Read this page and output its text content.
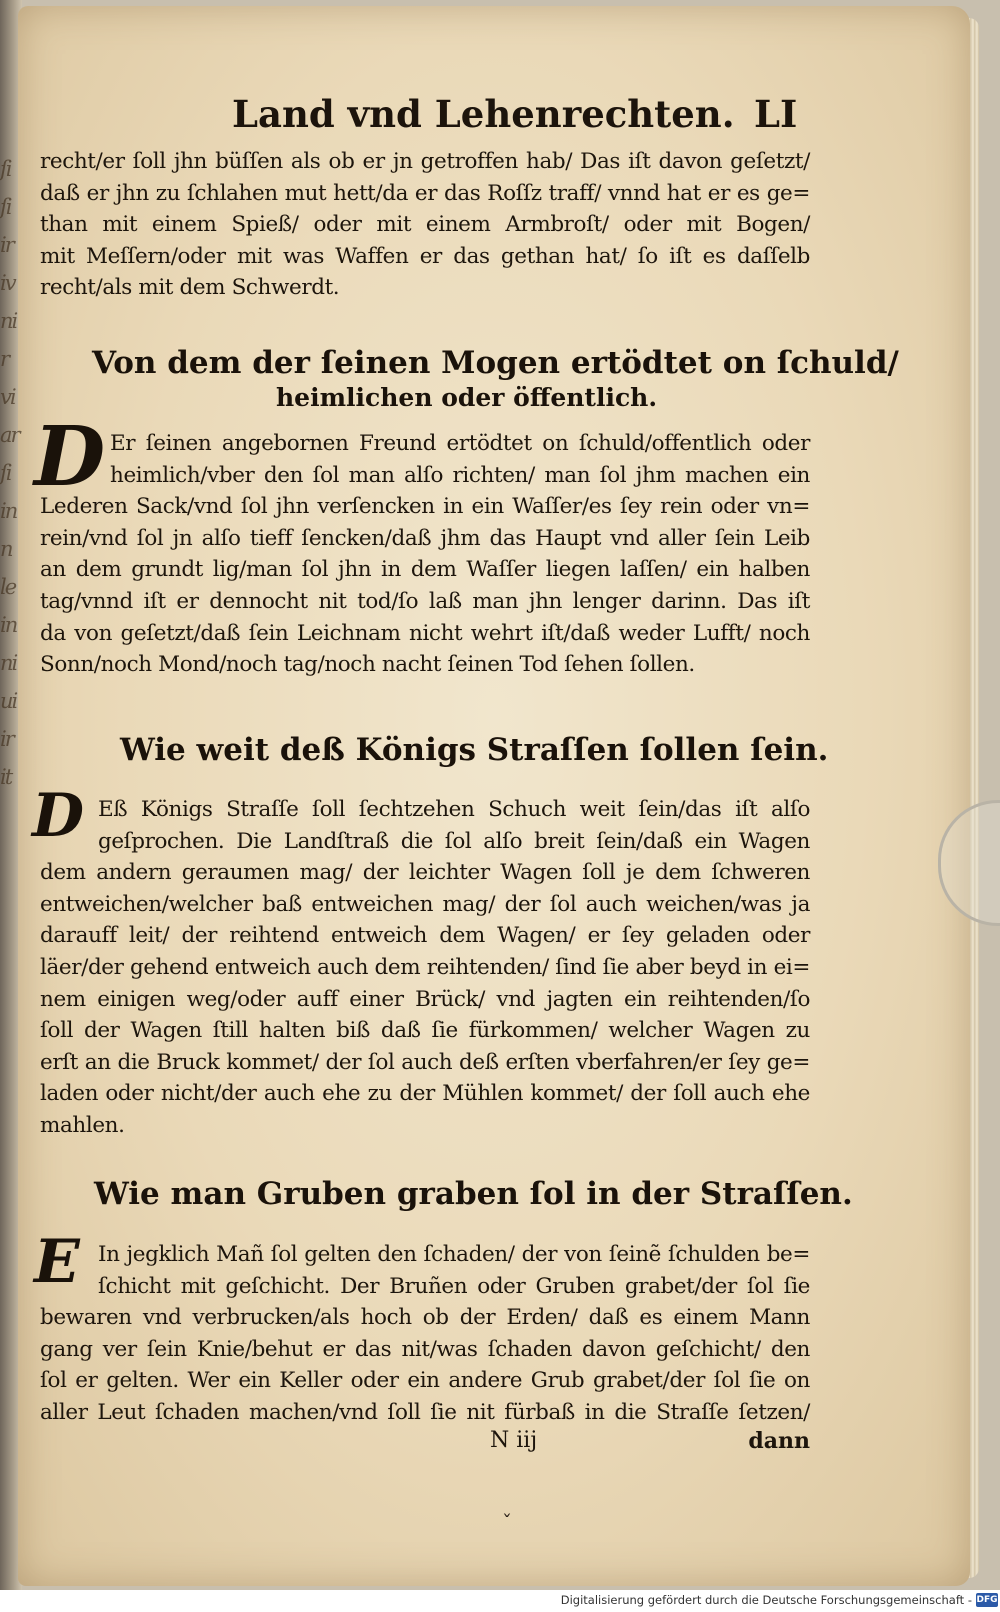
ſi
ſi
ir
iv
ni
r
vi
ar
ſi
in
n
le
in
ni
ui
ir
it
Land vnd Lehenrechten. LI
recht/er ſoll jhn büſſen als ob er jn getroffen hab/ Das iſt davon geſetzt/
daß er jhn zu ſchlahen mut hett/da er das Roſſz traff/ vnnd hat er es ge=
than mit einem Spieß/ oder mit einem Armbroſt/ oder mit Bogen/
mit Meſſern/oder mit was Waffen er das gethan hat/ ſo iſt es daſſelb
recht/als mit dem Schwerdt.
Von dem der ſeinen Mogen ertödtet on ſchuld/
heimlichen oder öffentlich.
D Er ſeinen angebornen Freund ertödtet on ſchuld/offentlich oder
heimlich/vber den ſol man alſo richten/ man ſol jhm machen ein
Lederen Sack/vnd ſol jhn verſencken in ein Waſſer/es ſey rein oder vn=
rein/vnd ſol jn alſo tieff ſencken/daß jhm das Haupt vnd aller ſein Leib
an dem grundt lig/man ſol jhn in dem Waſſer liegen laſſen/ ein halben
tag/vnnd iſt er dennocht nit tod/ſo laß man jhn lenger darinn. Das iſt
da von geſetzt/daß ſein Leichnam nicht wehrt iſt/daß weder Lufft/ noch
Sonn/noch Mond/noch tag/noch nacht ſeinen Tod ſehen ſollen.
Wie weit deß Königs Straſſen ſollen ſein.
D Eß Königs Straſſe ſoll ſechtzehen Schuch weit ſein/das iſt alſo
geſprochen. Die Landſtraß die ſol alſo breit ſein/daß ein Wagen
dem andern geraumen mag/ der leichter Wagen ſoll je dem ſchweren
entweichen/welcher baß entweichen mag/ der ſol auch weichen/was ja
darauff leit/ der reihtend entweich dem Wagen/ er ſey geladen oder
läer/der gehend entweich auch dem reihtenden/ ſind ſie aber beyd in ei=
nem einigen weg/oder auff einer Brück/ vnd jagten ein reihtenden/ſo
ſoll der Wagen ſtill halten biß daß ſie fürkommen/ welcher Wagen zu
erſt an die Bruck kommet/ der ſol auch deß erſten vberfahren/er ſey ge=
laden oder nicht/der auch ehe zu der Mühlen kommet/ der ſoll auch ehe
mahlen.
Wie man Gruben graben ſol in der Straſſen.
E In jegklich Mañ ſol gelten den ſchaden/ der von ſeinẽ ſchulden be=
ſchicht mit geſchicht. Der Bruñen oder Gruben grabet/der ſol ſie
bewaren vnd verbrucken/als hoch ob der Erden/ daß es einem Mann
gang ver ſein Knie/behut er das nit/was ſchaden davon geſchicht/ den
ſol er gelten. Wer ein Keller oder ein andere Grub grabet/der ſol ſie on
aller Leut ſchaden machen/vnd ſoll ſie nit fürbaß in die Straſſe ſetzen/
N iij	dann
ˇ
Digitalisierung gefördert durch die Deutsche Forschungsgemeinschaft - DFG
